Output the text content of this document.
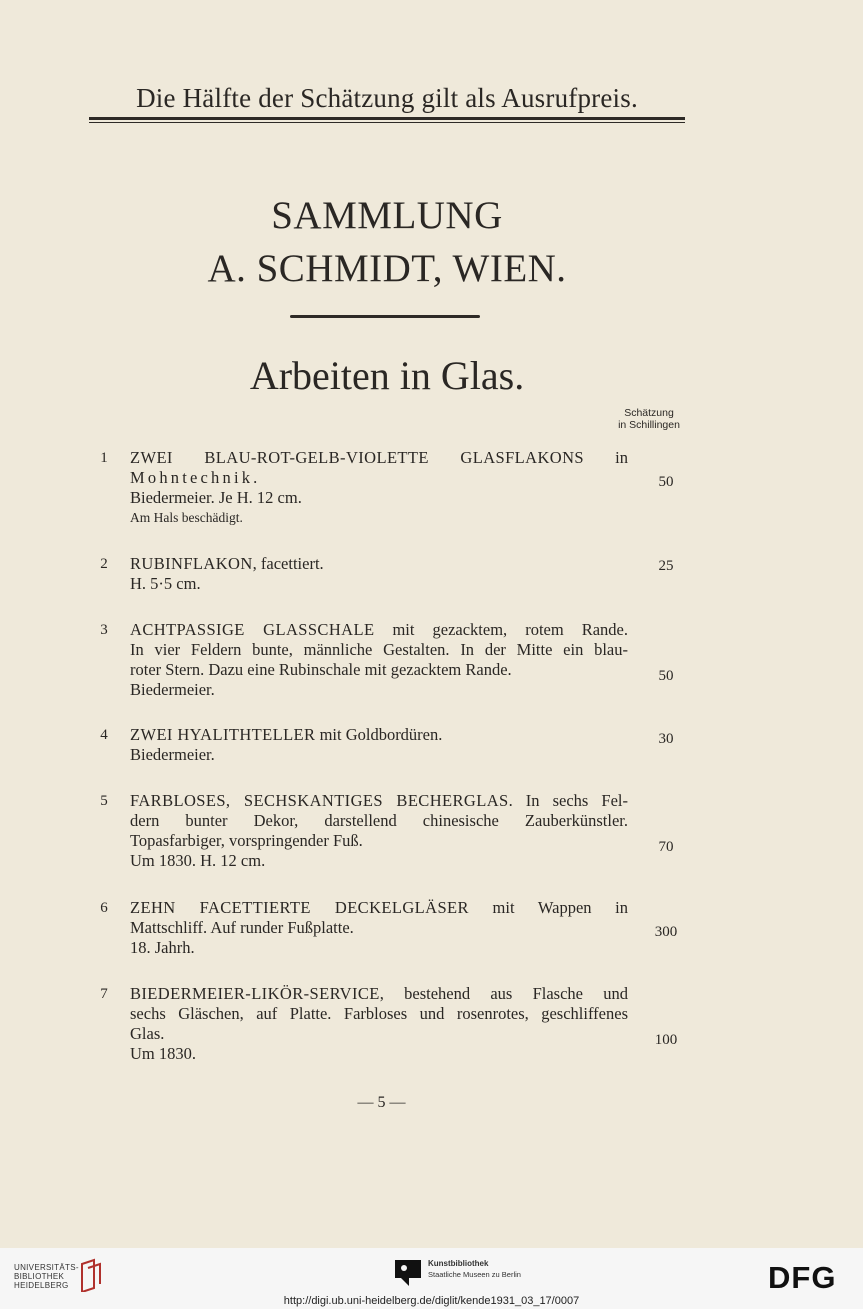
Die Hälfte der Schätzung gilt als Ausrufpreis.
SAMMLUNG
A. SCHMIDT, WIEN.
Arbeiten in Glas.
Schätzung
in Schillingen
1 ZWEI BLAU-ROT-GELB-VIOLETTE GLASFLAKONS in
Mohntechnik.
Biedermeier. Je H. 12 cm.
Am Hals beschädigt.
50
2 RUBINFLAKON, facettiert.
H. 5·5 cm.
25
3 ACHTPASSIGE GLASSCHALE mit gezacktem, rotem Rande.
In vier Feldern bunte, männliche Gestalten. In der Mitte ein blau-
roter Stern. Dazu eine Rubinschale mit gezacktem Rande.
Biedermeier.
50
4 ZWEI HYALITHTELLER mit Goldbordüren.
Biedermeier.
30
5 FARBLOSES, SECHSKANTIGES BECHERGLAS. In sechs Fel-
dern bunter Dekor, darstellend chinesische Zauberkünstler.
Topasfarbiger, vorspringender Fuß.
Um 1830. H. 12 cm.
70
6 ZEHN FACETTIERTE DECKELGLÄSER mit Wappen in
Mattschliff. Auf runder Fußplatte.
18. Jahrh.
300
7 BIEDERMEIER-LIKÖR-SERVICE, bestehend aus Flasche und
sechs Gläschen, auf Platte. Farbloses und rosenrotes, geschliffenes
Glas.
Um 1830.
100
— 5 —
UNIVERSITÄTS-
BIBLIOTHEK
HEIDELBERG
Kunstbibliothek
Staatliche Museen zu Berlin	DFG
http://digi.ub.uni-heidelberg.de/diglit/kende1931_03_17/0007
